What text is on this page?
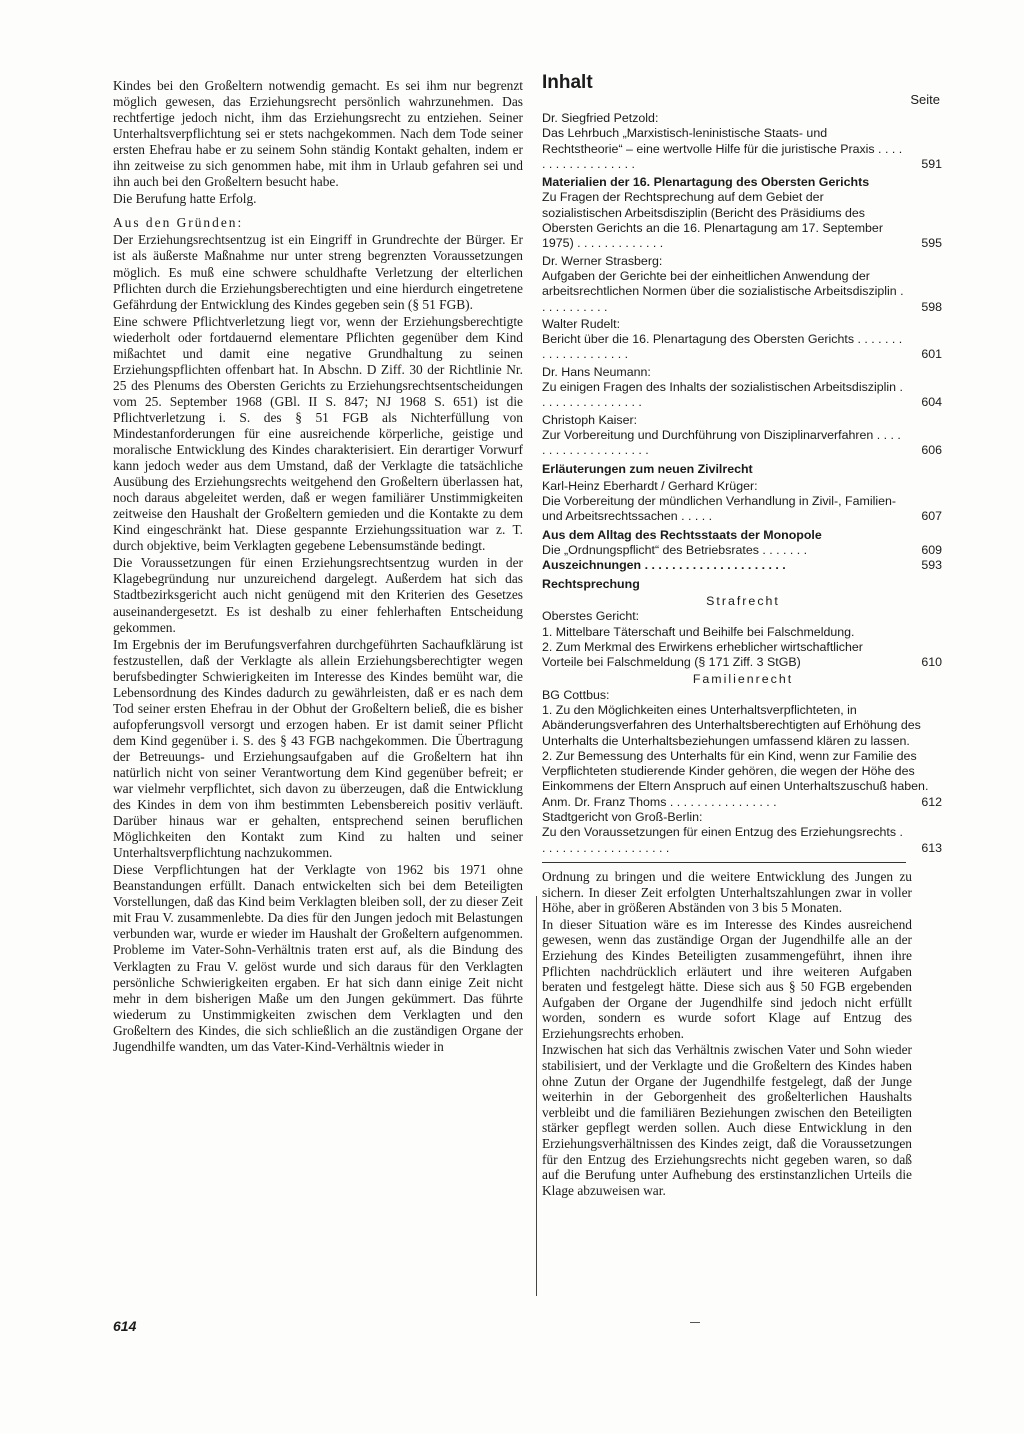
Kindes bei den Großeltern notwendig gemacht. Es sei ihm nur begrenzt möglich gewesen, das Erziehungsrecht persönlich wahrzunehmen. Das rechtfertige jedoch nicht, ihm das Erziehungsrecht zu entziehen. Seiner Unterhaltsverpflichtung sei er stets nachgekommen. Nach dem Tode seiner ersten Ehefrau habe er zu seinem Sohn ständig Kontakt gehalten, indem er ihn zeitweise zu sich genommen habe, mit ihm in Urlaub gefahren sei und ihn auch bei den Großeltern besucht habe.

Die Berufung hatte Erfolg.

Aus den Gründen:

Der Erziehungsrechtsentzug ist ein Eingriff in Grundrechte der Bürger. Er ist als äußerste Maßnahme nur unter streng begrenzten Voraussetzungen möglich. Es muß eine schwere schuldhafte Verletzung der elterlichen Pflichten durch die Erziehungsberechtigten und eine hierdurch eingetretene Gefährdung der Entwicklung des Kindes gegeben sein (§ 51 FGB).

Eine schwere Pflichtverletzung liegt vor, wenn der Erziehungsberechtigte wiederholt oder fortdauernd elementare Pflichten gegenüber dem Kind mißachtet und damit eine negative Grundhaltung zu seinen Erziehungspflichten offenbart hat. In Abschn. D Ziff. 30 der Richtlinie Nr. 25 des Plenums des Obersten Gerichts zu Erziehungsrechtsentscheidungen vom 25. September 1968 (GBl. II S. 847; NJ 1968 S. 651) ist die Pflichtverletzung i. S. des § 51 FGB als Nichterfüllung von Mindestanforderungen für eine ausreichende körperliche, geistige und moralische Entwicklung des Kindes charakterisiert. Ein derartiger Vorwurf kann jedoch weder aus dem Umstand, daß der Verklagte die tatsächliche Ausübung des Erziehungsrechts weitgehend den Großeltern überlassen hat, noch daraus abgeleitet werden, daß er wegen familiärer Unstimmigkeiten zeitweise den Haushalt der Großeltern gemieden und die Kontakte zu dem Kind eingeschränkt hat. Diese gespannte Erziehungssituation war z. T. durch objektive, beim Verklagten gegebene Lebensumstände bedingt.

Die Voraussetzungen für einen Erziehungsrechtsentzug wurden in der Klagebegründung nur unzureichend dargelegt. Außerdem hat sich das Stadtbezirksgericht auch nicht genügend mit den Kriterien des Gesetzes auseinandergesetzt. Es ist deshalb zu einer fehlerhaften Entscheidung gekommen.

Im Ergebnis der im Berufungsverfahren durchgeführten Sachaufklärung ist festzustellen, daß der Verklagte als allein Erziehungsberechtigter wegen berufsbedingter Schwierigkeiten im Interesse des Kindes bemüht war, die Lebensordnung des Kindes dadurch zu gewährleisten, daß er es nach dem Tod seiner ersten Ehefrau in der Obhut der Großeltern beließ, die es bisher aufopferungsvoll versorgt und erzogen haben. Er ist damit seiner Pflicht dem Kind gegenüber i. S. des § 43 FGB nachgekommen. Die Übertragung der Betreuungs- und Erziehungsaufgaben auf die Großeltern hat ihn natürlich nicht von seiner Verantwortung dem Kind gegenüber befreit; er war vielmehr verpflichtet, sich davon zu überzeugen, daß die Entwicklung des Kindes in dem von ihm bestimmten Lebensbereich positiv verläuft. Darüber hinaus war er gehalten, entsprechend seinen beruflichen Möglichkeiten den Kontakt zum Kind zu halten und seiner Unterhaltsverpflichtung nachzukommen.

Diese Verpflichtungen hat der Verklagte von 1962 bis 1971 ohne Beanstandungen erfüllt. Danach entwickelten sich bei dem Beteiligten Vorstellungen, daß das Kind beim Verklagten bleiben soll, der zu dieser Zeit mit Frau V. zusammenlebte. Da dies für den Jungen jedoch mit Belastungen verbunden war, wurde er wieder im Haushalt der Großeltern aufgenommen. Probleme im Vater-Sohn-Verhältnis traten erst auf, als die Bindung des Verklagten zu Frau V. gelöst wurde und sich daraus für den Verklagten persönliche Schwierigkeiten ergaben. Er hat sich dann einige Zeit nicht mehr in dem bisherigen Maße um den Jungen gekümmert. Das führte wiederum zu Unstimmigkeiten zwischen dem Verklagten und den Großeltern des Kindes, die sich schließlich an die zuständigen Organe der Jugendhilfe wandten, um das Vater-Kind-Verhältnis wieder in

Inhalt
Seite
Dr. Siegfried Petzold:
Das Lehrbuch „Marxistisch-leninistische Staats- und Rechtstheorie“ – eine wertvolle Hilfe für die juristische Praxis . . . . . . . . . . . . . . . . . .	591
Materialien der 16. Plenartagung des Obersten Gerichts
Zu Fragen der Rechtsprechung auf dem Gebiet der sozialistischen Arbeitsdisziplin (Bericht des Präsidiums des Obersten Gerichts an die 16. Plenartagung am 17. September 1975) . . . . . . . . . . . . .	595
Dr. Werner Strasberg:
Aufgaben der Gerichte bei der einheitlichen Anwendung der arbeitsrechtlichen Normen über die sozialistische Arbeitsdisziplin . . . . . . . . . . .	598
Walter Rudelt:
Bericht über die 16. Plenartagung des Obersten Gerichts . . . . . . . . . . . . . . . . . . . .	601
Dr. Hans Neumann:
Zu einigen Fragen des Inhalts der sozialistischen Arbeitsdisziplin . . . . . . . . . . . . . . . .	604
Christoph Kaiser:
Zur Vorbereitung und Durchführung von Disziplinarverfahren . . . . . . . . . . . . . . . . . . . .	606
Erläuterungen zum neuen Zivilrecht
Karl-Heinz Eberhardt / Gerhard Krüger:
Die Vorbereitung der mündlichen Verhandlung in Zivil-, Familien- und Arbeitsrechtssachen . . . . .	607
Aus dem Alltag des Rechtsstaats der Monopole
Die „Ordnungspflicht“ des Betriebsrates . . . . . . .	609
Auszeichnungen . . . . . . . . . . . . . . . . . . . . .	593
Rechtsprechung
Strafrecht
Oberstes Gericht:
1. Mittelbare Täterschaft und Beihilfe bei Falschmeldung.
2. Zum Merkmal des Erwirkens erheblicher wirtschaftlicher Vorteile bei Falschmeldung (§ 171 Ziff. 3 StGB)	610
Familienrecht
BG Cottbus:
1. Zu den Möglichkeiten eines Unterhaltsverpflichteten, in Abänderungsverfahren des Unterhaltsberechtigten auf Erhöhung des Unterhalts die Unterhaltsbeziehungen umfassend klären zu lassen.
2. Zur Bemessung des Unterhalts für ein Kind, wenn zur Familie des Verpflichteten studierende Kinder gehören, die wegen der Höhe des Einkommens der Eltern Anspruch auf einen Unterhaltszuschuß haben.
Anm. Dr. Franz Thoms . . . . . . . . . . . . . . . .	612
Stadtgericht von Groß-Berlin:
Zu den Voraussetzungen für einen Entzug des Erziehungsrechts . . . . . . . . . . . . . . . . . . . .	613

Ordnung zu bringen und die weitere Entwicklung des Jungen zu sichern. In dieser Zeit erfolgten Unterhaltszahlungen zwar in voller Höhe, aber in größeren Abständen von 3 bis 5 Monaten.

In dieser Situation wäre es im Interesse des Kindes ausreichend gewesen, wenn das zuständige Organ der Jugendhilfe alle an der Erziehung des Kindes Beteiligten zusammengeführt, ihnen ihre Pflichten nachdrücklich erläutert und ihre weiteren Aufgaben beraten und festgelegt hätte. Diese sich aus § 50 FGB ergebenden Aufgaben der Organe der Jugendhilfe sind jedoch nicht erfüllt worden, sondern es wurde sofort Klage auf Entzug des Erziehungsrechts erhoben.

Inzwischen hat sich das Verhältnis zwischen Vater und Sohn wieder stabilisiert, und der Verklagte und die Großeltern des Kindes haben ohne Zutun der Organe der Jugendhilfe festgelegt, daß der Junge weiterhin in der Geborgenheit des großelterlichen Haushalts verbleibt und die familiären Beziehungen zwischen den Beteiligten stärker gepflegt werden sollen. Auch diese Entwicklung in den Erziehungsverhältnissen des Kindes zeigt, daß die Voraussetzungen für den Entzug des Erziehungsrechts nicht gegeben waren, so daß auf die Berufung unter Aufhebung des erstinstanzlichen Urteils die Klage abzuweisen war.

614
